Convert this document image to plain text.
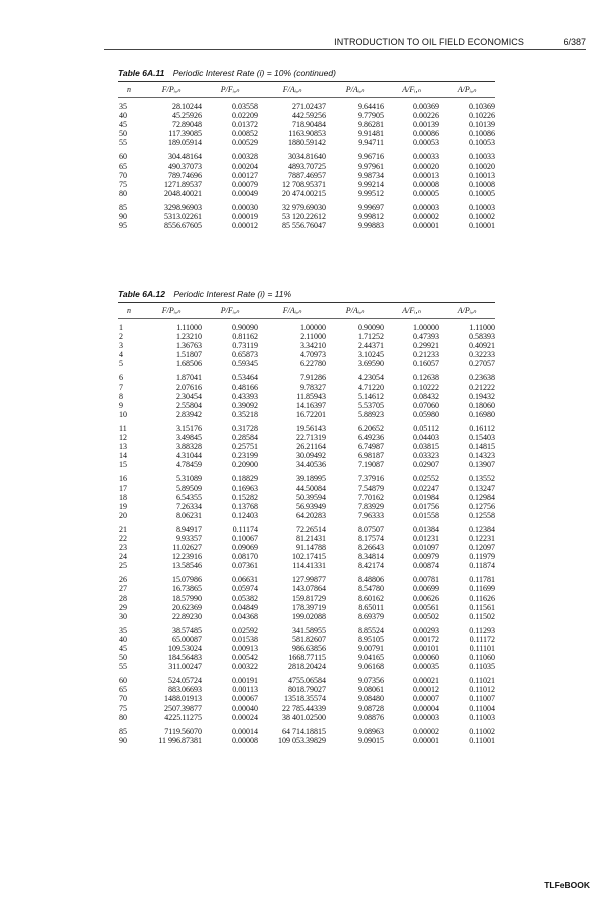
INTRODUCTION TO OIL FIELD ECONOMICS	6/387
Table 6A.11 Periodic Interest Rate (i) = 10% (continued)
n	F/Pᵢ,ₙ	P/Fᵢ,ₙ	F/Aᵢ,ₙ	P/Aᵢ,ₙ	A/Fᵢ,ₙ	A/Pᵢ,ₙ
35	28.10244	0.03558	271.02437	9.64416	0.00369	0.10369
40	45.25926	0.02209	442.59256	9.77905	0.00226	0.10226
45	72.89048	0.01372	718.90484	9.86281	0.00139	0.10139
50	117.39085	0.00852	1163.90853	9.91481	0.00086	0.10086
55	189.05914	0.00529	1880.59142	9.94711	0.00053	0.10053
60	304.48164	0.00328	3034.81640	9.96716	0.00033	0.10033
65	490.37073	0.00204	4893.70725	9.97961	0.00020	0.10020
70	789.74696	0.00127	7887.46957	9.98734	0.00013	0.10013
75	1271.89537	0.00079	12 708.95371	9.99214	0.00008	0.10008
80	2048.40021	0.00049	20 474.00215	9.99512	0.00005	0.10005
85	3298.96903	0.00030	32 979.69030	9.99697	0.00003	0.10003
90	5313.02261	0.00019	53 120.22612	9.99812	0.00002	0.10002
95	8556.67605	0.00012	85 556.76047	9.99883	0.00001	0.10001
Table 6A.12 Periodic Interest Rate (i) = 11%
n	F/Pᵢ,ₙ	P/Fᵢ,ₙ	F/Aᵢ,ₙ	P/Aᵢ,ₙ	A/Fᵢ,ₙ	A/Pᵢ,ₙ
1	1.11000	0.90090	1.00000	0.90090	1.00000	1.11000
2	1.23210	0.81162	2.11000	1.71252	0.47393	0.58393
3	1.36763	0.73119	3.34210	2.44371	0.29921	0.40921
4	1.51807	0.65873	4.70973	3.10245	0.21233	0.32233
5	1.68506	0.59345	6.22780	3.69590	0.16057	0.27057
6	1.87041	0.53464	7.91286	4.23054	0.12638	0.23638
7	2.07616	0.48166	9.78327	4.71220	0.10222	0.21222
8	2.30454	0.43393	11.85943	5.14612	0.08432	0.19432
9	2.55804	0.39092	14.16397	5.53705	0.07060	0.18060
10	2.83942	0.35218	16.72201	5.88923	0.05980	0.16980
11	3.15176	0.31728	19.56143	6.20652	0.05112	0.16112
12	3.49845	0.28584	22.71319	6.49236	0.04403	0.15403
13	3.88328	0.25751	26.21164	6.74987	0.03815	0.14815
14	4.31044	0.23199	30.09492	6.98187	0.03323	0.14323
15	4.78459	0.20900	34.40536	7.19087	0.02907	0.13907
16	5.31089	0.18829	39.18995	7.37916	0.02552	0.13552
17	5.89509	0.16963	44.50084	7.54879	0.02247	0.13247
18	6.54355	0.15282	50.39594	7.70162	0.01984	0.12984
19	7.26334	0.13768	56.93949	7.83929	0.01756	0.12756
20	8.06231	0.12403	64.20283	7.96333	0.01558	0.12558
21	8.94917	0.11174	72.26514	8.07507	0.01384	0.12384
22	9.93357	0.10067	81.21431	8.17574	0.01231	0.12231
23	11.02627	0.09069	91.14788	8.26643	0.01097	0.12097
24	12.23916	0.08170	102.17415	8.34814	0.00979	0.11979
25	13.58546	0.07361	114.41331	8.42174	0.00874	0.11874
26	15.07986	0.06631	127.99877	8.48806	0.00781	0.11781
27	16.73865	0.05974	143.07864	8.54780	0.00699	0.11699
28	18.57990	0.05382	159.81729	8.60162	0.00626	0.11626
29	20.62369	0.04849	178.39719	8.65011	0.00561	0.11561
30	22.89230	0.04368	199.02088	8.69379	0.00502	0.11502
35	38.57485	0.02592	341.58955	8.85524	0.00293	0.11293
40	65.00087	0.01538	581.82607	8.95105	0.00172	0.11172
45	109.53024	0.00913	986.63856	9.00791	0.00101	0.11101
50	184.56483	0.00542	1668.77115	9.04165	0.00060	0.11060
55	311.00247	0.00322	2818.20424	9.06168	0.00035	0.11035
60	524.05724	0.00191	4755.06584	9.07356	0.00021	0.11021
65	883.06693	0.00113	8018.79027	9.08061	0.00012	0.11012
70	1488.01913	0.00067	13518.35574	9.08480	0.00007	0.11007
75	2507.39877	0.00040	22 785.44339	9.08728	0.00004	0.11004
80	4225.11275	0.00024	38 401.02500	9.08876	0.00003	0.11003
85	7119.56070	0.00014	64 714.18815	9.08963	0.00002	0.11002
90	11 996.87381	0.00008	109 053.39829	9.09015	0.00001	0.11001
TLFeBOOK
